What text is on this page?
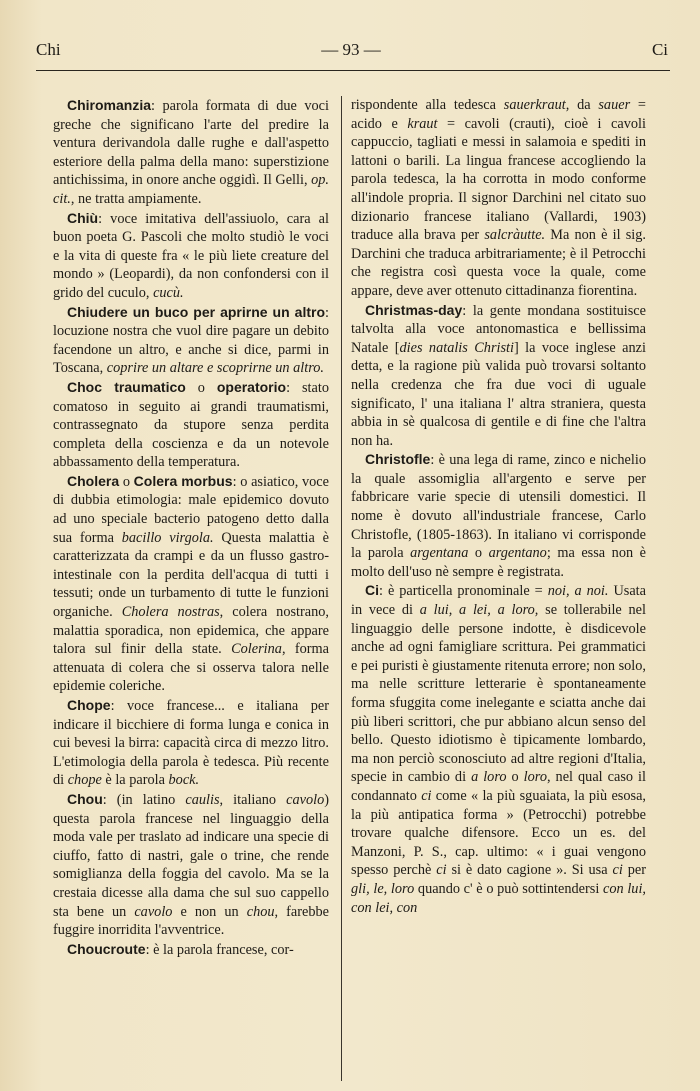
Chi	— 93 —	Ci

Chiromanzia: parola formata di due voci greche che significano l'arte del predire la ventura derivandola dalle rughe e dall'aspetto esteriore della palma della mano: superstizione antichissima, in onore anche oggidì. Il Gelli, op. cit., ne tratta ampiamente.

Chiù: voce imitativa dell'assiuolo, cara al buon poeta G. Pascoli che molto studiò le voci e la vita di queste fra « le più liete creature del mondo » (Leopardi), da non confondersi con il grido del cuculo, cucù.

Chiudere un buco per aprirne un altro: locuzione nostra che vuol dire pagare un debito facendone un altro, e anche si dice, parmi in Toscana, coprire un altare e scoprirne un altro.

Choc traumatico o operatorio: stato comatoso in seguito ai grandi traumatismi, contrassegnato da stupore senza perdita completa della coscienza e da un notevole abbassamento della temperatura.

Cholera o Colera morbus: o asiatico, voce di dubbia etimologia: male epidemico dovuto ad uno speciale bacterio patogeno detto dalla sua forma bacillo virgola. Questa malattia è caratterizzata da crampi e da un flusso gastro-intestinale con la perdita dell'acqua di tutti i tessuti; onde un turbamento di tutte le funzioni organiche. Cholera nostras, colera nostrano, malattia sporadica, non epidemica, che appare talora sul finir della state. Colerina, forma attenuata di colera che si osserva talora nelle epidemie coleriche.

Chope: voce francese... e italiana per indicare il bicchiere di forma lunga e conica in cui bevesi la birra: capacità circa di mezzo litro. L'etimologia della parola è tedesca. Più recente di chope è la parola bock.

Chou: (in latino caulis, italiano cavolo) questa parola francese nel linguaggio della moda vale per traslato ad indicare una specie di ciuffo, fatto di nastri, gale o trine, che rende somiglianza della foggia del cavolo. Ma se la crestaia dicesse alla dama che sul suo cappello sta bene un cavolo e non un chou, farebbe fuggire inorridita l'avventrice.

Choucroute: è la parola francese, cor-

rispondente alla tedesca sauerkraut, da sauer = acido e kraut = cavoli (crauti), cioè i cavoli cappuccio, tagliati e messi in salamoia e spediti in lattoni o barili. La lingua francese accogliendo la parola tedesca, la ha corrotta in modo conforme all'indole propria. Il signor Darchini nel citato suo dizionario francese italiano (Vallardi, 1903) traduce alla brava per salcràutte. Ma non è il sig. Darchini che traduca arbitrariamente; è il Petrocchi che registra così questa voce la quale, come appare, deve aver ottenuto cittadinanza fiorentina.

Christmas-day: la gente mondana sostituisce talvolta alla voce antonomastica e bellissima Natale [dies natalis Christi] la voce inglese anzi detta, e la ragione più valida può trovarsi soltanto nella credenza che fra due voci di uguale significato, l' una italiana l' altra straniera, questa abbia in sè qualcosa di gentile e di fine che l'altra non ha.

Christofle: è una lega di rame, zinco e nichelio la quale assomiglia all'argento e serve per fabbricare varie specie di utensili domestici. Il nome è dovuto all'industriale francese, Carlo Christofle, (1805-1863). In italiano vi corrisponde la parola argentana o argentano; ma essa non è molto dell'uso nè sempre è registrata.

Ci: è particella pronominale = noi, a noi. Usata in vece di a lui, a lei, a loro, se tollerabile nel linguaggio delle persone indotte, è disdicevole anche ad ogni famigliare scrittura. Pei grammatici e pei puristi è giustamente ritenuta errore; non solo, ma nelle scritture letterarie è spontaneamente forma sfuggita come inelegante e sciatta anche dai più liberi scrittori, che pur abbiano alcun senso del bello. Questo idiotismo è tipicamente lombardo, ma non perciò sconosciuto ad altre regioni d'Italia, specie in cambio di a loro o loro, nel qual caso il condannato ci come « la più sguaiata, la più esosa, la più antipatica forma » (Petrocchi) potrebbe trovare qualche difensore. Ecco un es. del Manzoni, P. S., cap. ultimo: « i guai vengono spesso perchè ci si è dato cagione ». Si usa ci per gli, le, loro quando c' è o può sottintendersi con lui, con lei, con
